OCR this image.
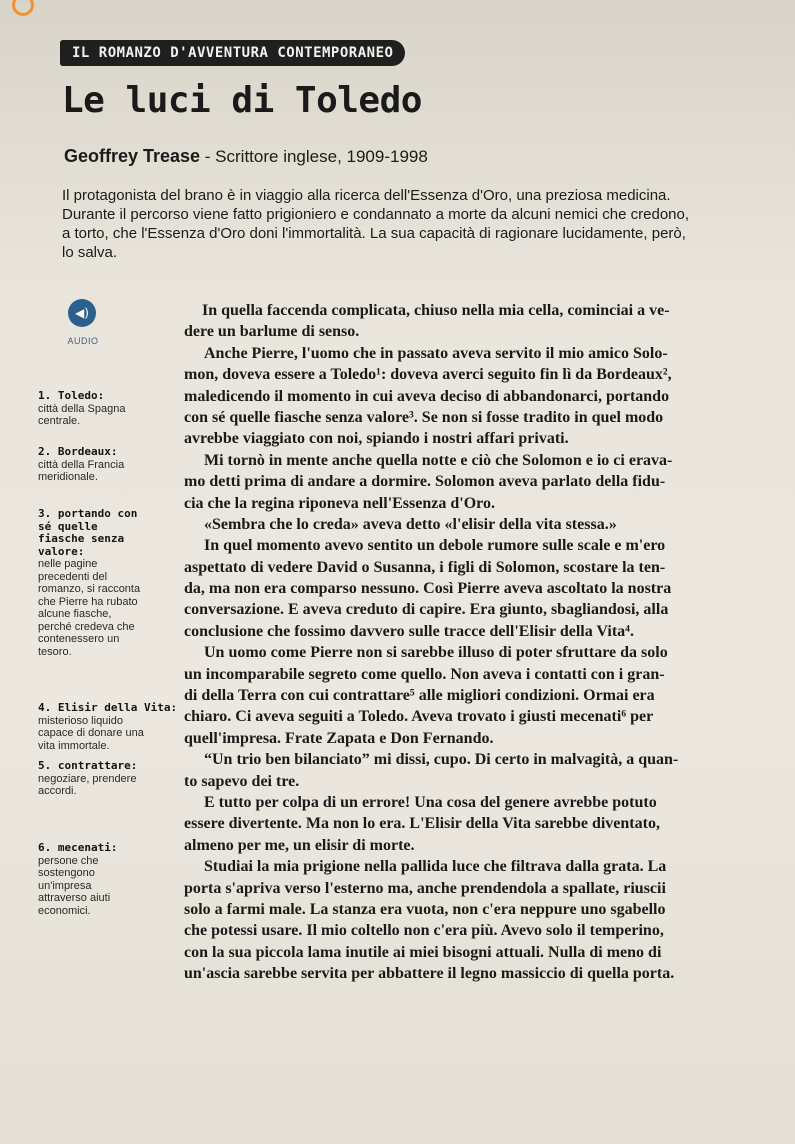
IL ROMANZO D'AVVENTURA CONTEMPORANEO
Le luci di Toledo
Geoffrey Trease - Scrittore inglese, 1909-1998
Il protagonista del brano è in viaggio alla ricerca dell'Essenza d'Oro, una preziosa medicina.
Durante il percorso viene fatto prigioniero e condannato a morte da alcuni nemici che credono,
a torto, che l'Essenza d'Oro doni l'immortalità. La sua capacità di ragionare lucidamente, però,
lo salva.
◀)
AUDIO
1. Toledo:
città della Spagna
centrale.
2. Bordeaux:
città della Francia
meridionale.
3. portando con sé quelle fiasche senza valore:
nelle pagine
precedenti del
romanzo, si racconta
che Pierre ha rubato
alcune fiasche,
perché credeva che
contenessero un
tesoro.
4. Elisir della Vita:
misterioso liquido
capace di donare una
vita immortale.
5. contrattare:
negoziare, prendere
accordi.
6. mecenati:
persone che
sostengono
un'impresa
attraverso aiuti
economici.
In quella faccenda complicata, chiuso nella mia cella, cominciai a ve-
dere un barlume di senso.
Anche Pierre, l'uomo che in passato aveva servito il mio amico Solo-
mon, doveva essere a Toledo¹: doveva averci seguito fin lì da Bordeaux²,
maledicendo il momento in cui aveva deciso di abbandonarci, portando
con sé quelle fiasche senza valore³. Se non si fosse tradito in quel modo
avrebbe viaggiato con noi, spiando i nostri affari privati.
Mi tornò in mente anche quella notte e ciò che Solomon e io ci erava-
mo detti prima di andare a dormire. Solomon aveva parlato della fidu-
cia che la regina riponeva nell'Essenza d'Oro.
«Sembra che lo creda» aveva detto «l'elisir della vita stessa.»
In quel momento avevo sentito un debole rumore sulle scale e m'ero
aspettato di vedere David o Susanna, i figli di Solomon, scostare la ten-
da, ma non era comparso nessuno. Così Pierre aveva ascoltato la nostra
conversazione. E aveva creduto di capire. Era giunto, sbagliandosi, alla
conclusione che fossimo davvero sulle tracce dell'Elisir della Vita⁴.
Un uomo come Pierre non si sarebbe illuso di poter sfruttare da solo
un incomparabile segreto come quello. Non aveva i contatti con i gran-
di della Terra con cui contrattare⁵ alle migliori condizioni. Ormai era
chiaro. Ci aveva seguiti a Toledo. Aveva trovato i giusti mecenati⁶ per
quell'impresa. Frate Zapata e Don Fernando.
“Un trio ben bilanciato” mi dissi, cupo. Di certo in malvagità, a quan-
to sapevo dei tre.
E tutto per colpa di un errore! Una cosa del genere avrebbe potuto
essere divertente. Ma non lo era. L'Elisir della Vita sarebbe diventato,
almeno per me, un elisir di morte.
Studiai la mia prigione nella pallida luce che filtrava dalla grata. La
porta s'apriva verso l'esterno ma, anche prendendola a spallate, riuscii
solo a farmi male. La stanza era vuota, non c'era neppure uno sgabello
che potessi usare. Il mio coltello non c'era più. Avevo solo il temperino,
con la sua piccola lama inutile ai miei bisogni attuali. Nulla di meno di
un'ascia sarebbe servita per abbattere il legno massiccio di quella porta.
